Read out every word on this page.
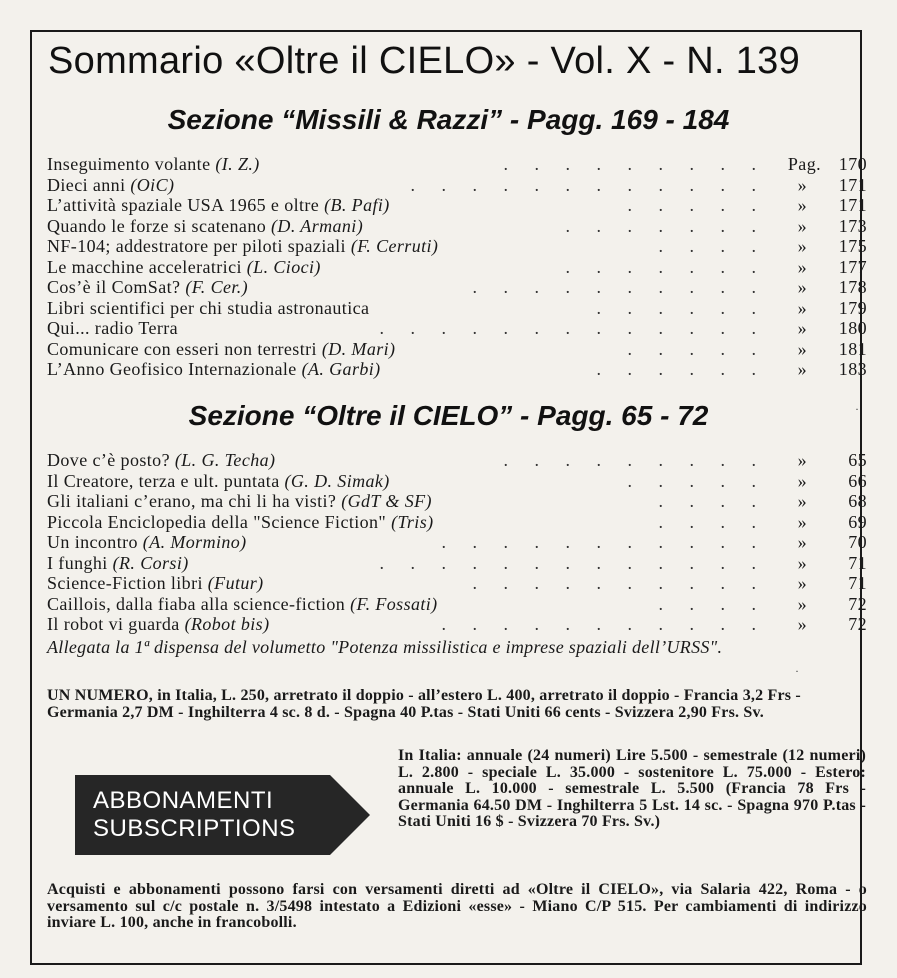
Sommario «Oltre il CIELO» - Vol. X - N. 139
Sezione “Missili & Razzi” - Pagg. 169 - 184
Inseguimento volante (I. Z.)	. . . . . . . . . Pag. 170
Dieci anni (OiC)	. . . . . . . . . . . . » 171
L’attività spaziale USA 1965 e oltre (B. Pafi)	. . . . . » 171
Quando le forze si scatenano (D. Armani)	. . . . . . . » 173
NF-104; addestratore per piloti spaziali (F. Cerruti)	. . . . » 175
Le macchine acceleratrici (L. Cioci)	. . . . . . . » 177
Cos’è il ComSat? (F. Cer.)	. . . . . . . . . . » 178
Libri scientifici per chi studia astronautica	. . . . . . » 179
Qui... radio Terra	. . . . . . . . . . . . . » 180
Comunicare con esseri non terrestri (D. Mari)	. . . . . » 181
L’Anno Geofisico Internazionale (A. Garbi)	. . . . . . » 183
Sezione “Oltre il CIELO” - Pagg. 65 - 72
Dove c’è posto? (L. G. Techa)	. . . . . . . . . » 65
Il Creatore, terza e ult. puntata (G. D. Simak)	. . . . . » 66
Gli italiani c’erano, ma chi li ha visti? (GdT & SF)	. . . . » 68
Piccola Enciclopedia della "Science Fiction" (Tris)	. . . . » 69
Un incontro (A. Mormino)	. . . . . . . . . . . » 70
I funghi (R. Corsi)	. . . . . . . . . . . . . » 71
Science-Fiction libri (Futur)	. . . . . . . . . . » 71
Caillois, dalla fiaba alla science-fiction (F. Fossati)	. . . . » 72
Il robot vi guarda (Robot bis)	. . . . . . . . . . . » 72
Allegata la 1ª dispensa del volumetto "Potenza missilistica e imprese spaziali dell’URSS".
UN NUMERO, in Italia, L. 250, arretrato il doppio - all’estero L. 400, arretrato il doppio - Francia 3,2 Frs - Germania 2,7 DM - Inghilterra 4 sc. 8 d. - Spagna 40 P.tas - Stati Uniti 66 cents - Svizzera 2,90 Frs. Sv.
ABBONAMENTI
SUBSCRIPTIONS
In Italia: annuale (24 numeri) Lire 5.500 - semestrale (12 numeri) L. 2.800 - speciale L. 35.000 - sostenitore L. 75.000 - Estero: annuale L. 10.000 - semestrale L. 5.500 (Francia 78 Frs - Germania 64.50 DM - Inghilterra 5 Lst. 14 sc. - Spagna 970 P.tas - Stati Uniti 16 $ - Svizzera 70 Frs. Sv.)
Acquisti e abbonamenti possono farsi con versamenti diretti ad «Oltre il CIELO», via Salaria 422, Roma - o versamento sul c/c postale n. 3/5498 intestato a Edizioni «esse» - Miano C/P 515. Per cambiamenti di indirizzo inviare L. 100, anche in francobolli.
·
·
